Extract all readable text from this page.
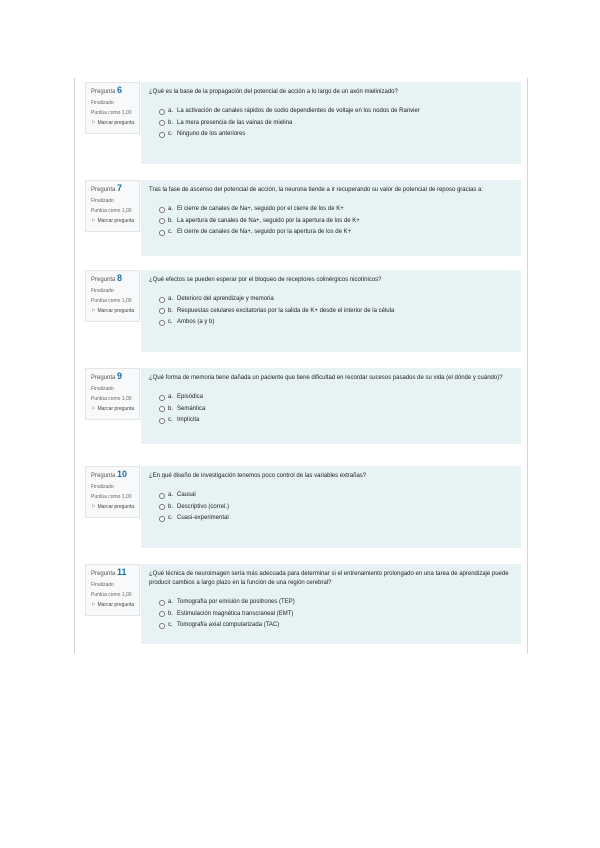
Pregunta 6
Finalizado
Puntúa como 1,00
⚐ Marcar pregunta
¿Qué es la base de la propagación del potencial de acción a lo largo de un axón mielinizado?
a. La activación de canales rápidos de sodio dependientes de voltaje en los nodos de Ranvier
b. La mera presencia de las vainas de mielina
c. Ninguno de los anteriores
Pregunta 7
Finalizado
Puntúa como 1,00
⚐ Marcar pregunta
Tras la fase de ascenso del potencial de acción, la neurona tiende a ir recuperando su valor de potencial de reposo gracias a:
a. El cierre de canales de Na+, seguido por el cierre de los de K+
b. La apertura de canales de Na+, seguido por la apertura de los de K+
c. El cierre de canales de Na+, seguido por la apertura de los de K+
Pregunta 8
Finalizado
Puntúa como 1,00
⚐ Marcar pregunta
¿Qué efectos se pueden esperar por el bloqueo de receptores colinérgicos nicotínicos?
a. Deterioro del aprendizaje y memoria
b. Respuestas celulares excitatorias por la salida de K+ desde el interior de la célula
c. Ambos (a y b)
Pregunta 9
Finalizado
Puntúa como 1,00
⚐ Marcar pregunta
¿Qué forma de memoria tiene dañada un paciente que tiene dificultad en recordar sucesos pasados de su vida (el dónde y cuándo)?
a. Episódica
b. Semántica
c. Implícita
Pregunta 10
Finalizado
Puntúa como 1,00
⚐ Marcar pregunta
¿En qué diseño de investigación tenemos poco control de las variables extrañas?
a. Causal
b. Descriptivo (correl.)
c. Cuasi-experimental
Pregunta 11
Finalizado
Puntúa como 1,00
⚐ Marcar pregunta
¿Qué técnica de neuroimagen sería más adecuada para determinar si el entrenamiento prolongado en una tarea de aprendizaje puede producir cambios a largo plazo en la función de una región cerebral?
a. Tomografía por emisión de positrones (TEP)
b. Estimulación magnética transcraneal (EMT)
c. Tomografía axial computarizada (TAC)
